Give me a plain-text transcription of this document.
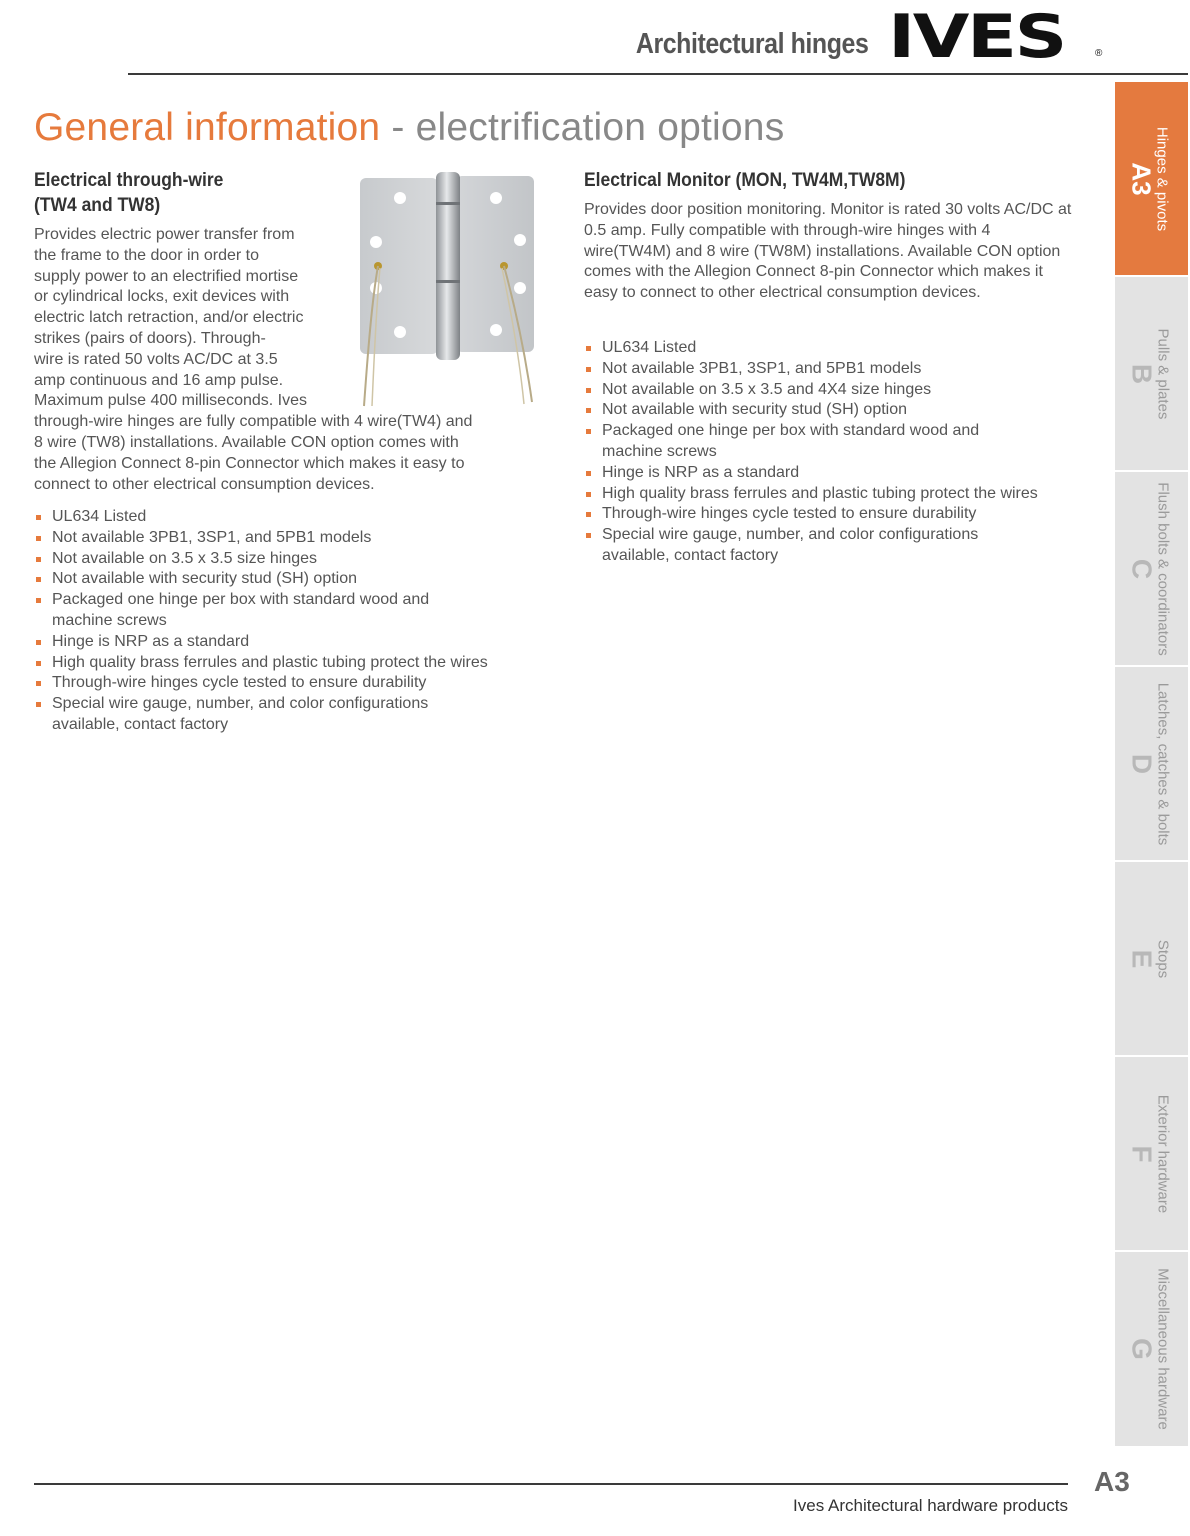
Architectural hinges IVES	®
General information - electrification options
Electrical through-wire
(TW4 and TW8)
Provides electric power transfer from
the frame to the door in order to
supply power to an electrified mortise
or cylindrical locks, exit devices with
electric latch retraction, and/or electric
strikes (pairs of doors). Through-
wire is rated 50 volts AC/DC at 3.5
amp continuous and 16 amp pulse.
Maximum pulse 400 milliseconds. Ives
through-wire hinges are fully compatible with 4 wire(TW4) and
8 wire (TW8) installations. Available CON option comes with
the Allegion Connect 8-pin Connector which makes it easy to
connect to other electrical consumption devices.
UL634 Listed
Not available 3PB1, 3SP1, and 5PB1 models
Not available on 3.5 x 3.5 size hinges
Not available with security stud (SH) option
Packaged one hinge per box with standard wood and machine screws
Hinge is NRP as a standard
High quality brass ferrules and plastic tubing protect the wires
Through-wire hinges cycle tested to ensure durability
Special wire gauge, number, and color configurations available, contact factory
Electrical Monitor (MON, TW4M,TW8M)
Provides door position monitoring. Monitor is rated 30 volts AC/DC at 0.5 amp. Fully compatible with through-wire hinges with 4 wire(TW4M) and 8 wire (TW8M) installations. Available CON option comes with the Allegion Connect 8-pin Connector which makes it easy to connect to other electrical consumption devices.
UL634 Listed
Not available 3PB1, 3SP1, and 5PB1 models
Not available on 3.5 x 3.5 and 4X4 size hinges
Not available with security stud (SH) option
Packaged one hinge per box with standard wood and machine screws
Hinge is NRP as a standard
High quality brass ferrules and plastic tubing protect the wires
Through-wire hinges cycle tested to ensure durability
Special wire gauge, number, and color configurations available, contact factory
A3
Hinges & pivots
B
Pulls & plates
C
Flush bolts & coordinators
D
Latches, catches & bolts
E
Stops
F
Exterior hardware
G
Miscellaneous hardware
A3
Ives Architectural hardware products
